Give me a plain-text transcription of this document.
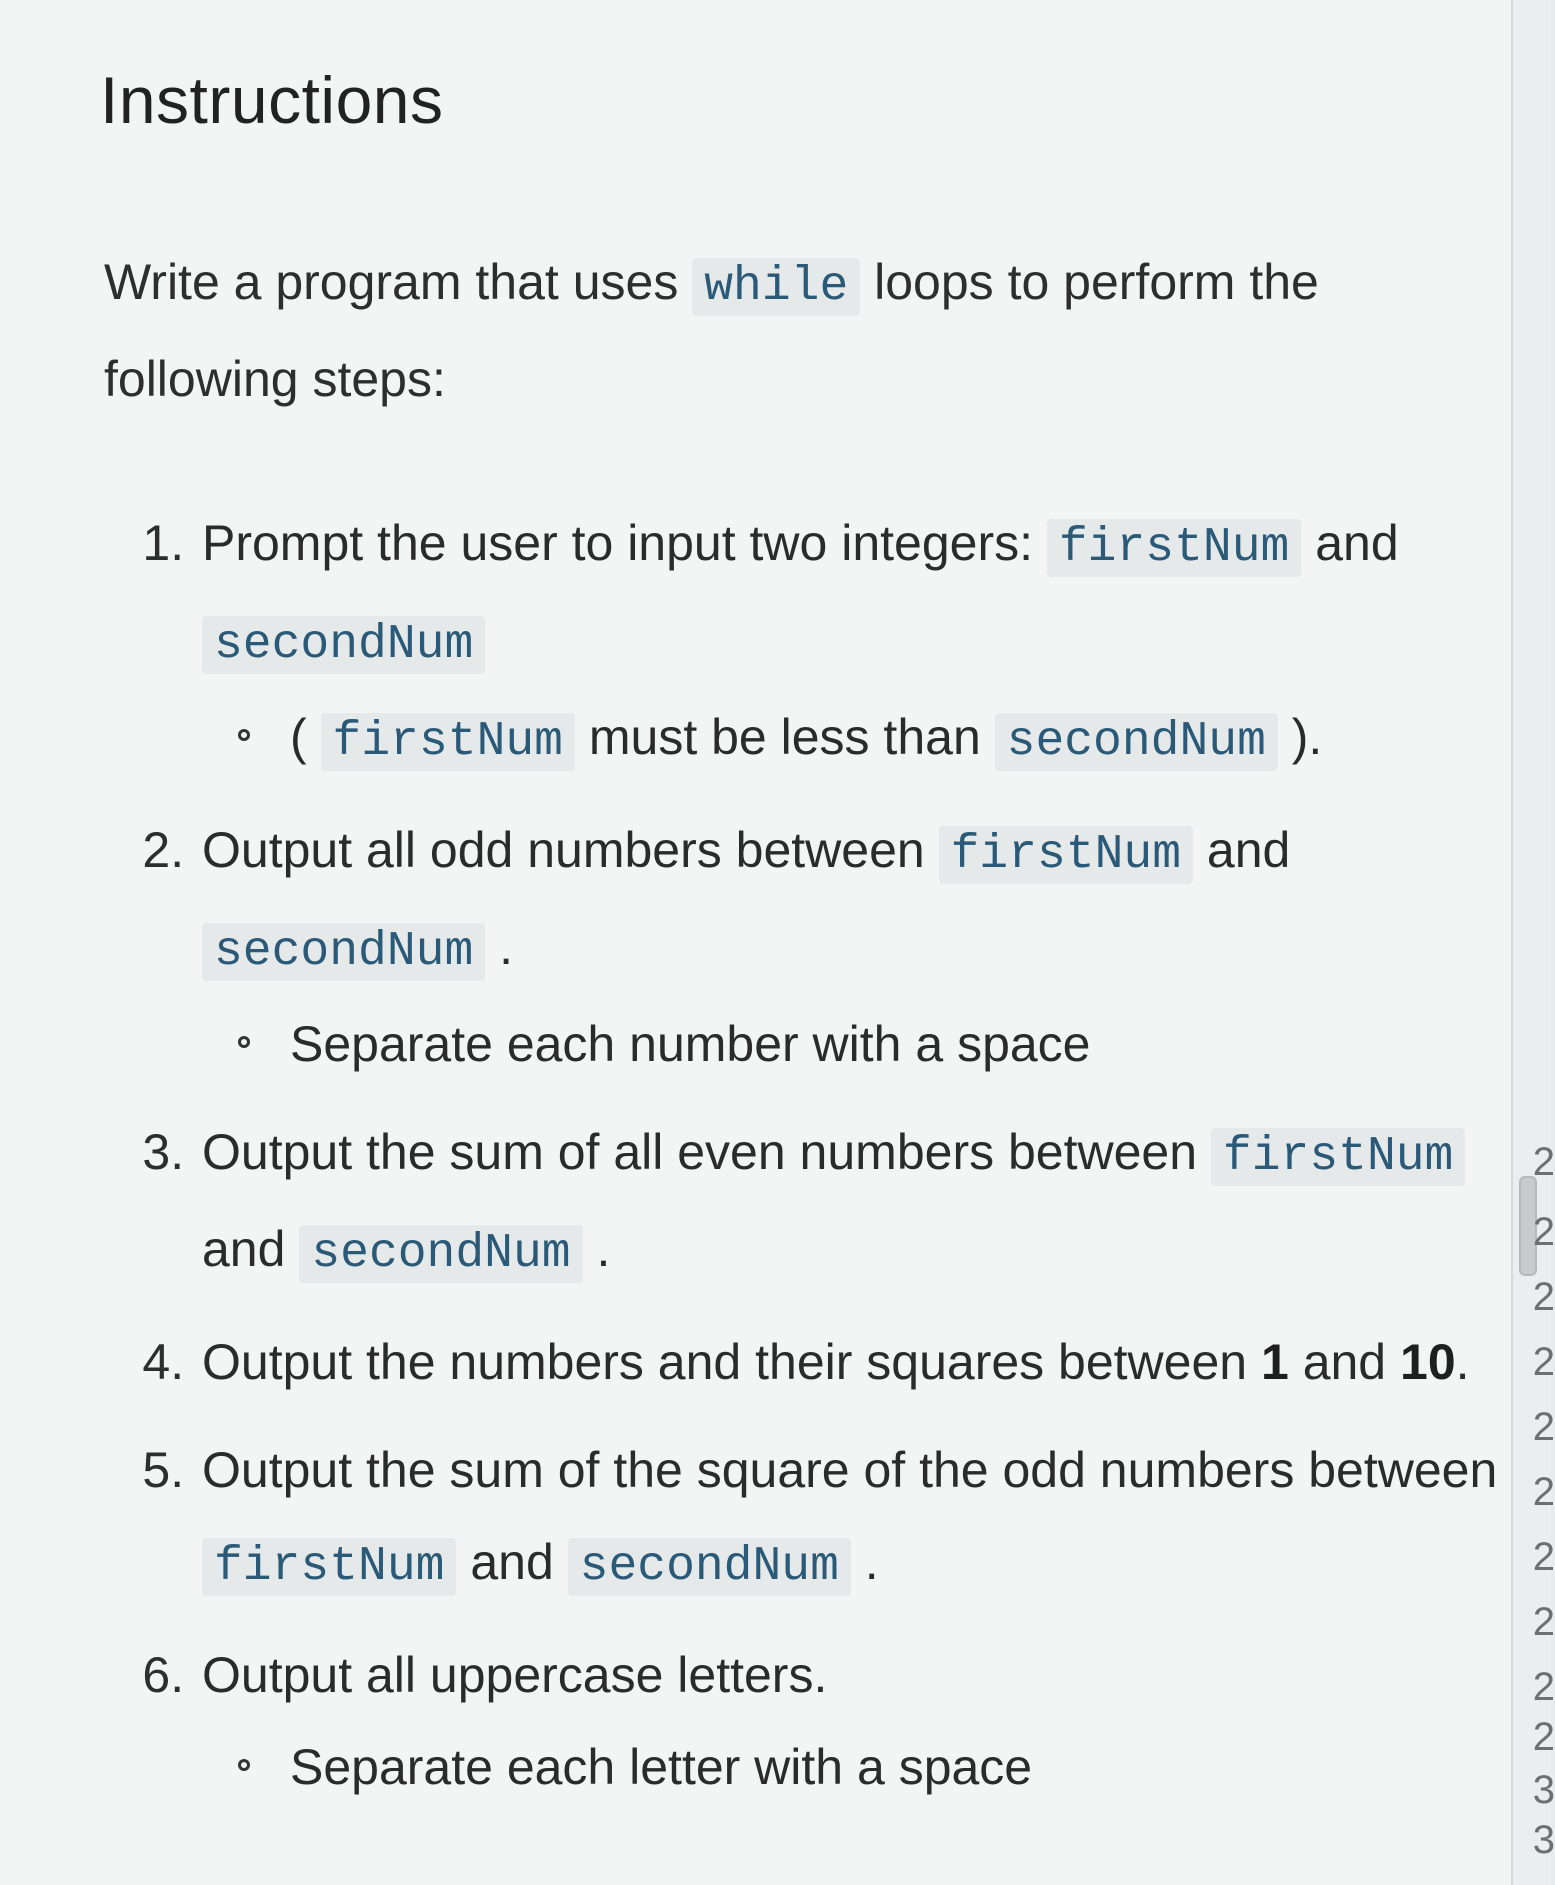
Instructions

Write a program that uses while loops to perform the following steps:

1. Prompt the user to input two integers: firstNum and secondNum
( firstNum must be less than secondNum ).
2. Output all odd numbers between firstNum and secondNum .
Separate each number with a space
3. Output the sum of all even numbers between firstNum and secondNum .
4. Output the numbers and their squares between 1 and 10.
5. Output the sum of the square of the odd numbers between firstNum and secondNum .
6. Output all uppercase letters.
Separate each letter with a space
2
2
2
2
2
2
2
2
2
2
3
3
